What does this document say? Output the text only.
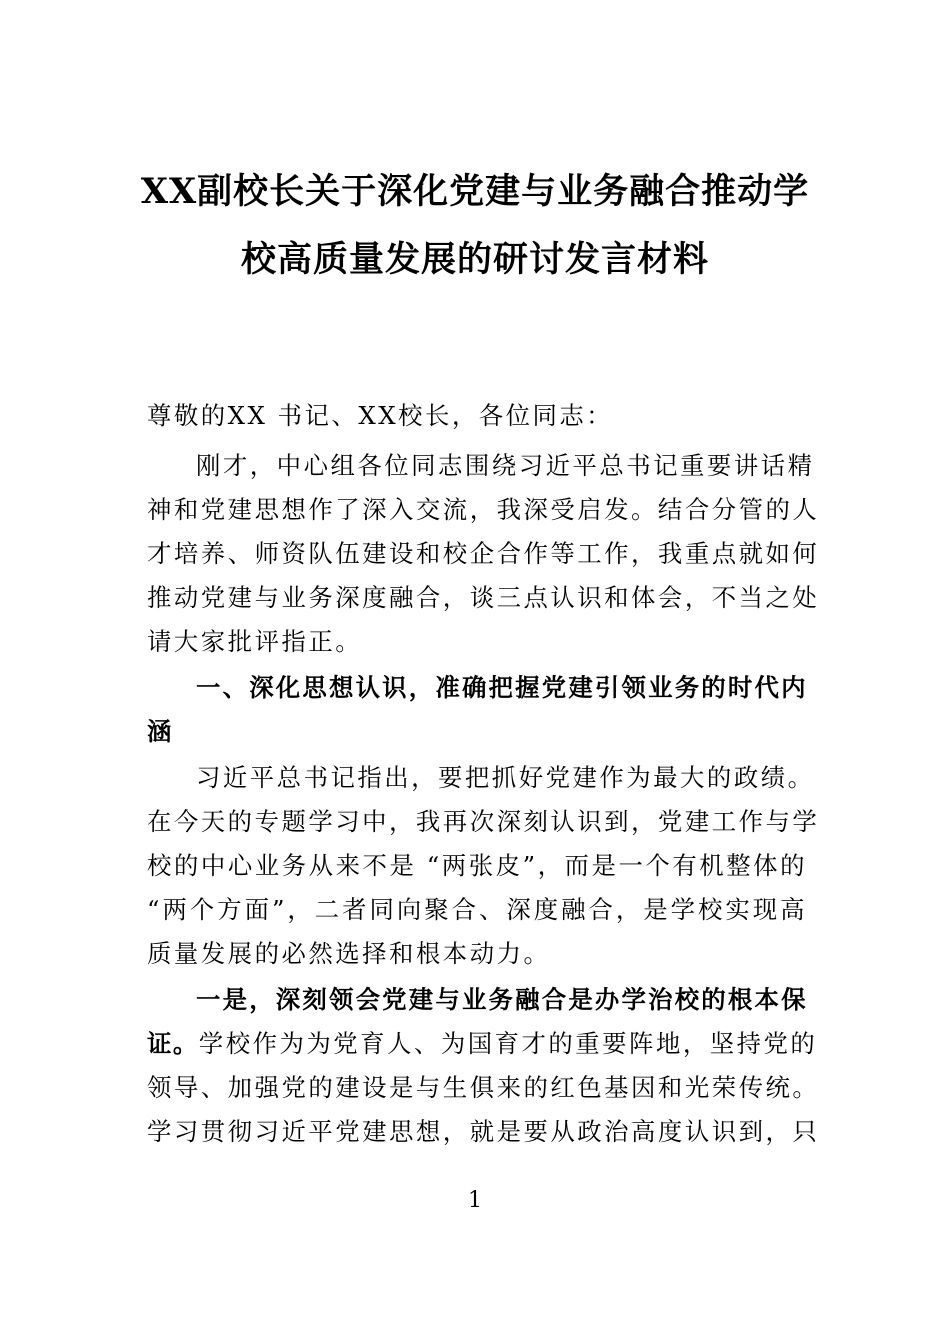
XX副校长关于深化党建与业务融合推动学
校高质量发展的研讨发言材料
尊敬的XX 书记、XX校长，各位同志：
刚才，中心组各位同志围绕习近平总书记重要讲话精
神和党建思想作了深入交流，我深受启发。结合分管的人
才培养、师资队伍建设和校企合作等工作，我重点就如何
推动党建与业务深度融合，谈三点认识和体会，不当之处
请大家批评指正。
一、深化思想认识，准确把握党建引领业务的时代内
涵
习近平总书记指出，要把抓好党建作为最大的政绩。
在今天的专题学习中，我再次深刻认识到，党建工作与学
校的中心业务从来不是 “两张皮”，而是一个有机整体的
“两个方面”，二者同向聚合、深度融合，是学校实现高
质量发展的必然选择和根本动力。
一是，深刻领会党建与业务融合是办学治校的根本保
证。学校作为为党育人、为国育才的重要阵地，坚持党的
领导、加强党的建设是与生俱来的红色基因和光荣传统。
学习贯彻习近平党建思想，就是要从政治高度认识到，只
1
